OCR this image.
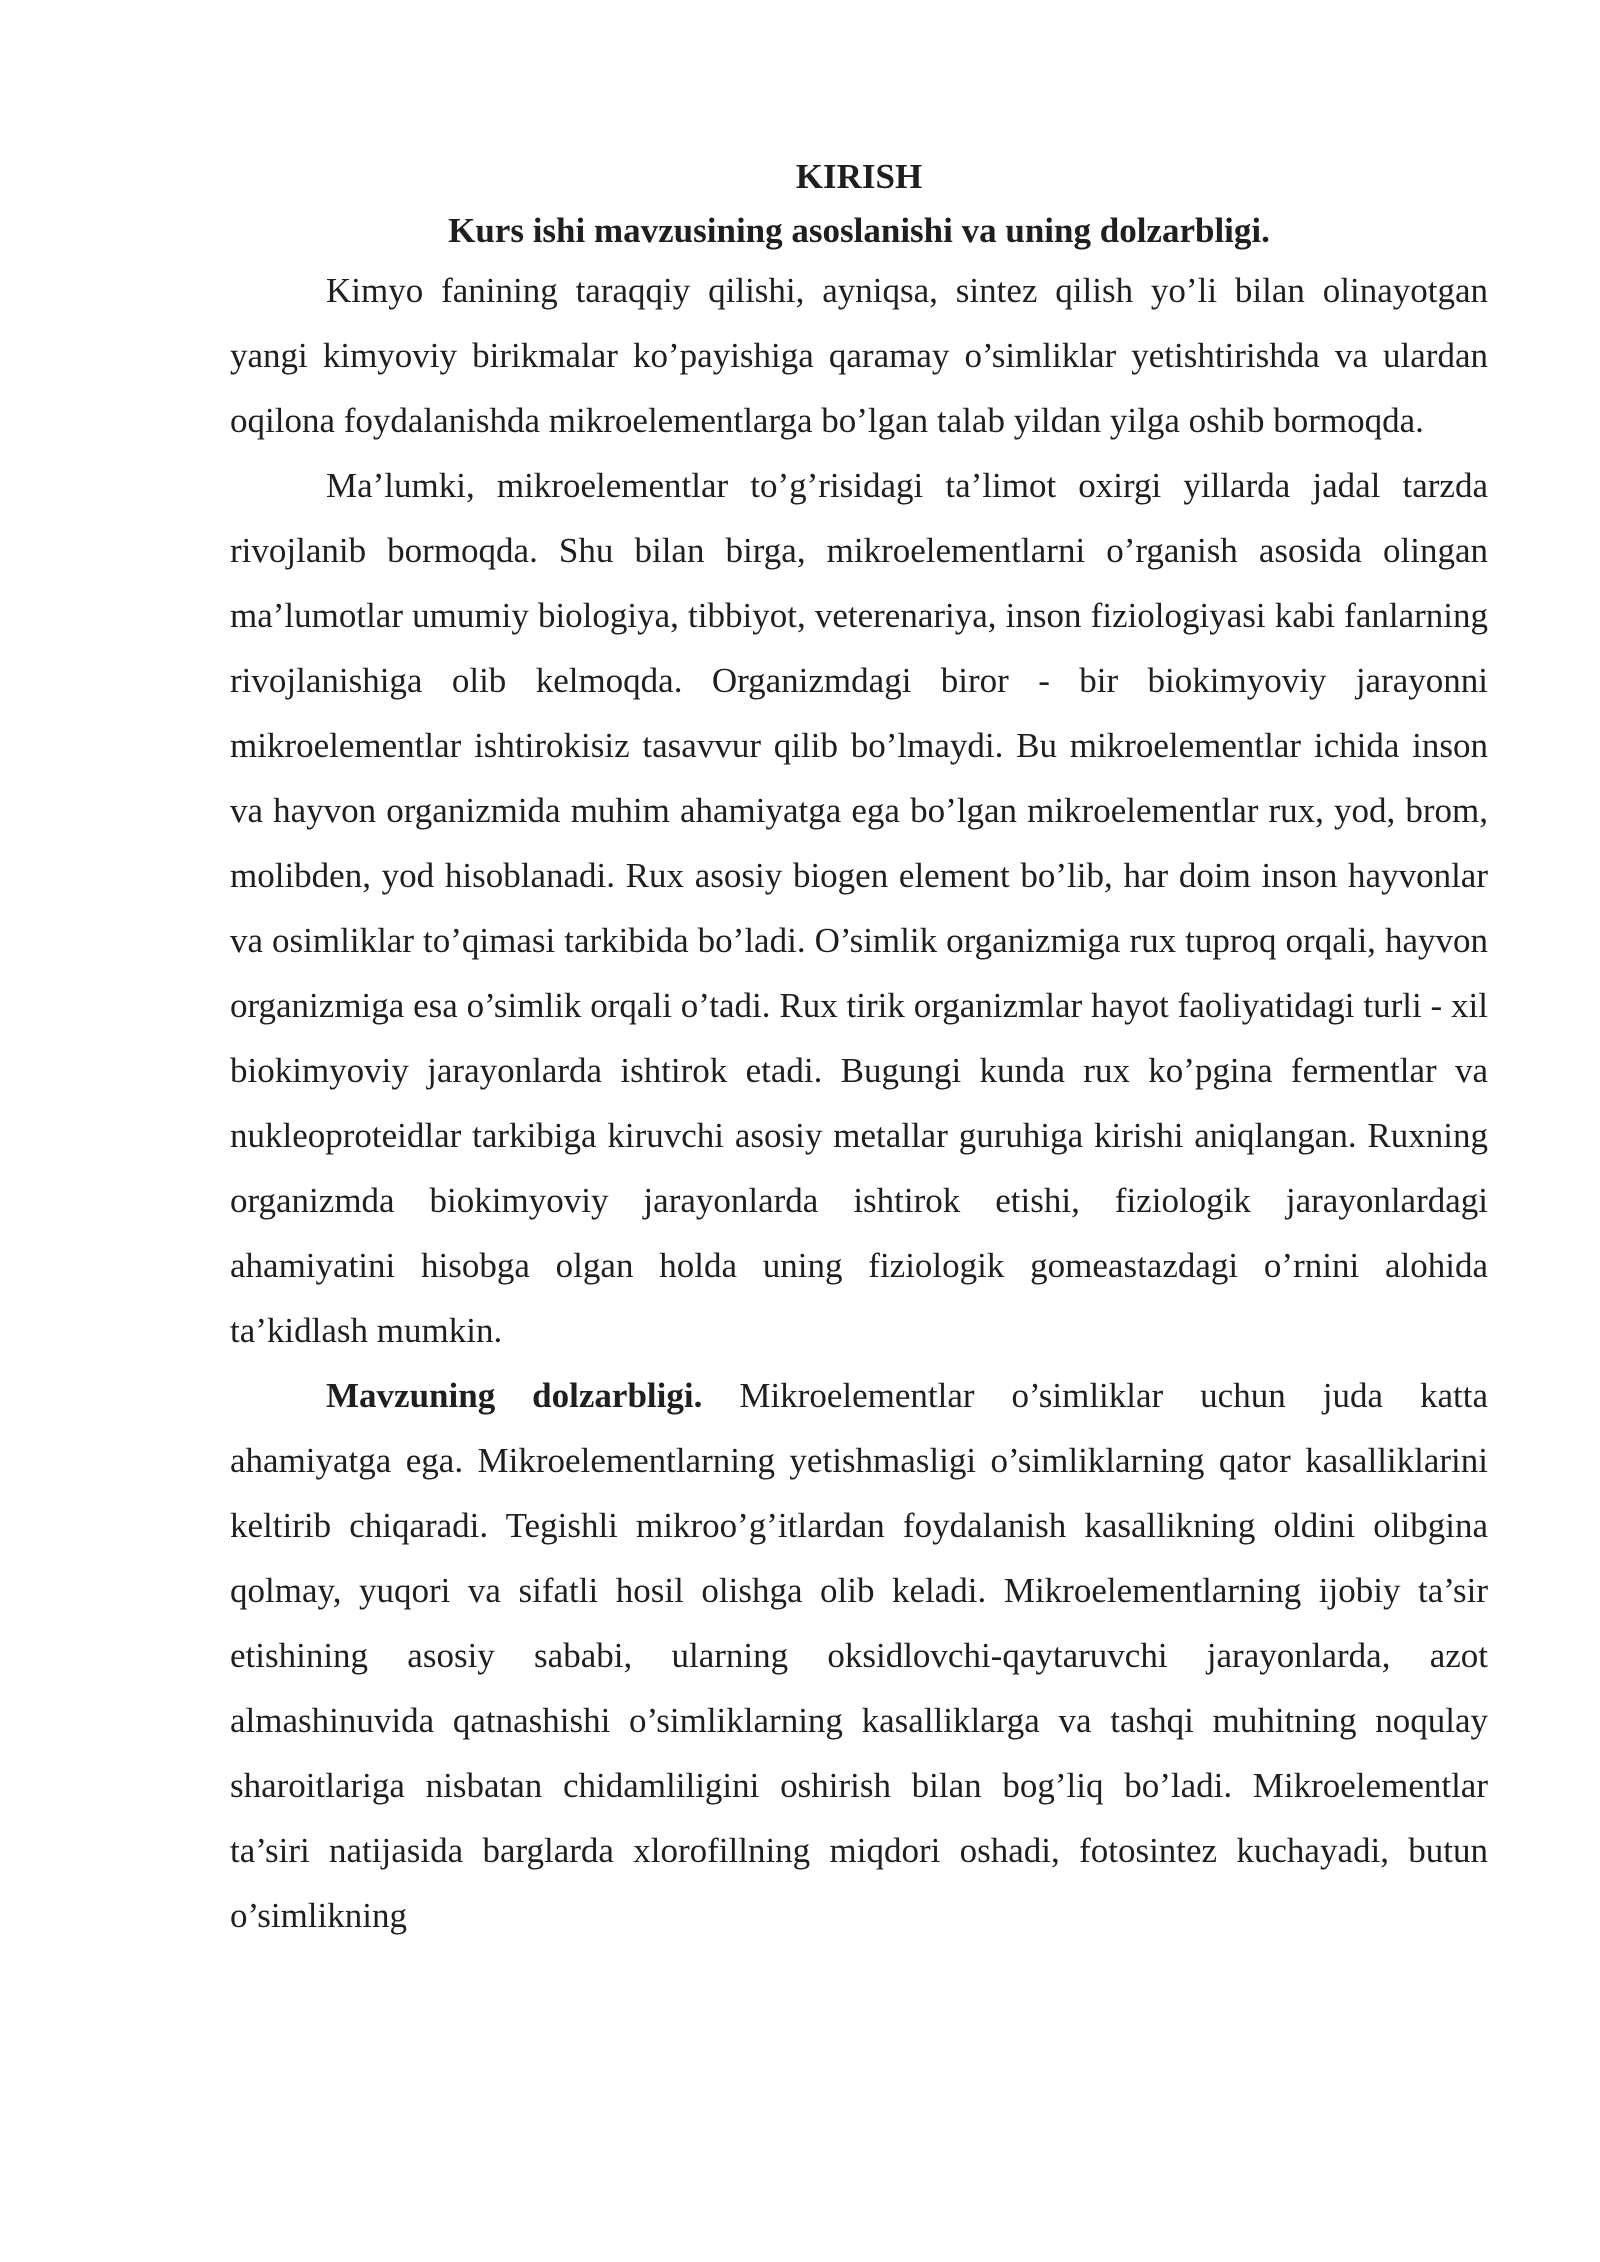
KIRISH

Kurs ishi mavzusining asoslanishi va uning dolzarbligi.

Kimyo fanining taraqqiy qilishi, ayniqsa, sintez qilish yo’li bilan olinayotgan yangi kimyoviy birikmalar ko’payishiga qaramay o’simliklar yetishtirishda va ulardan oqilona foydalanishda mikroelementlarga bo’lgan talab yildan yilga oshib bormoqda.

Ma’lumki, mikroelementlar to’g’risidagi ta’limot oxirgi yillarda jadal tarzda rivojlanib bormoqda. Shu bilan birga, mikroelementlarni o’rganish asosida olingan ma’lumotlar umumiy biologiya, tibbiyot, veterenariya, inson fiziologiyasi kabi fanlarning rivojlanishiga olib kelmoqda. Organizmdagi biror - bir biokimyoviy jarayonni mikroelementlar ishtirokisiz tasavvur qilib bo’lmaydi. Bu mikroelementlar ichida inson va hayvon organizmida muhim ahamiyatga ega bo’lgan mikroelementlar rux, yod, brom, molibden, yod hisoblanadi. Rux asosiy biogen element bo’lib, har doim inson hayvonlar va osimliklar to’qimasi tarkibida bo’ladi. O’simlik organizmiga rux tuproq orqali, hayvon organizmiga esa o’simlik orqali o’tadi. Rux tirik organizmlar hayot faoliyatidagi turli - xil biokimyoviy jarayonlarda ishtirok etadi. Bugungi kunda rux ko’pgina fermentlar va nukleoproteidlar tarkibiga kiruvchi asosiy metallar guruhiga kirishi aniqlangan. Ruxning organizmda biokimyoviy jarayonlarda ishtirok etishi, fiziologik jarayonlardagi ahamiyatini hisobga olgan holda uning fiziologik gomeastazdagi o’rnini alohida ta’kidlash mumkin.

Mavzuning dolzarbligi. Mikroelementlar o’simliklar uchun juda katta ahamiyatga ega. Mikroelementlarning yetishmasligi o’simliklarning qator kasalliklarini keltirib chiqaradi. Tegishli mikroo’g’itlardan foydalanish kasallikning oldini olibgina qolmay, yuqori va sifatli hosil olishga olib keladi. Mikroelementlarning ijobiy ta’sir etishining asosiy sababi, ularning oksidlovchi-qaytaruvchi jarayonlarda, azot almashinuvida qatnashishi o’simliklarning kasalliklarga va tashqi muhitning noqulay sharoitlariga nisbatan chidamliligini oshirish bilan bog’liq bo’ladi. Mikroelementlar ta’siri natijasida barglarda xlorofillning miqdori oshadi, fotosintez kuchayadi, butun o’simlikning
